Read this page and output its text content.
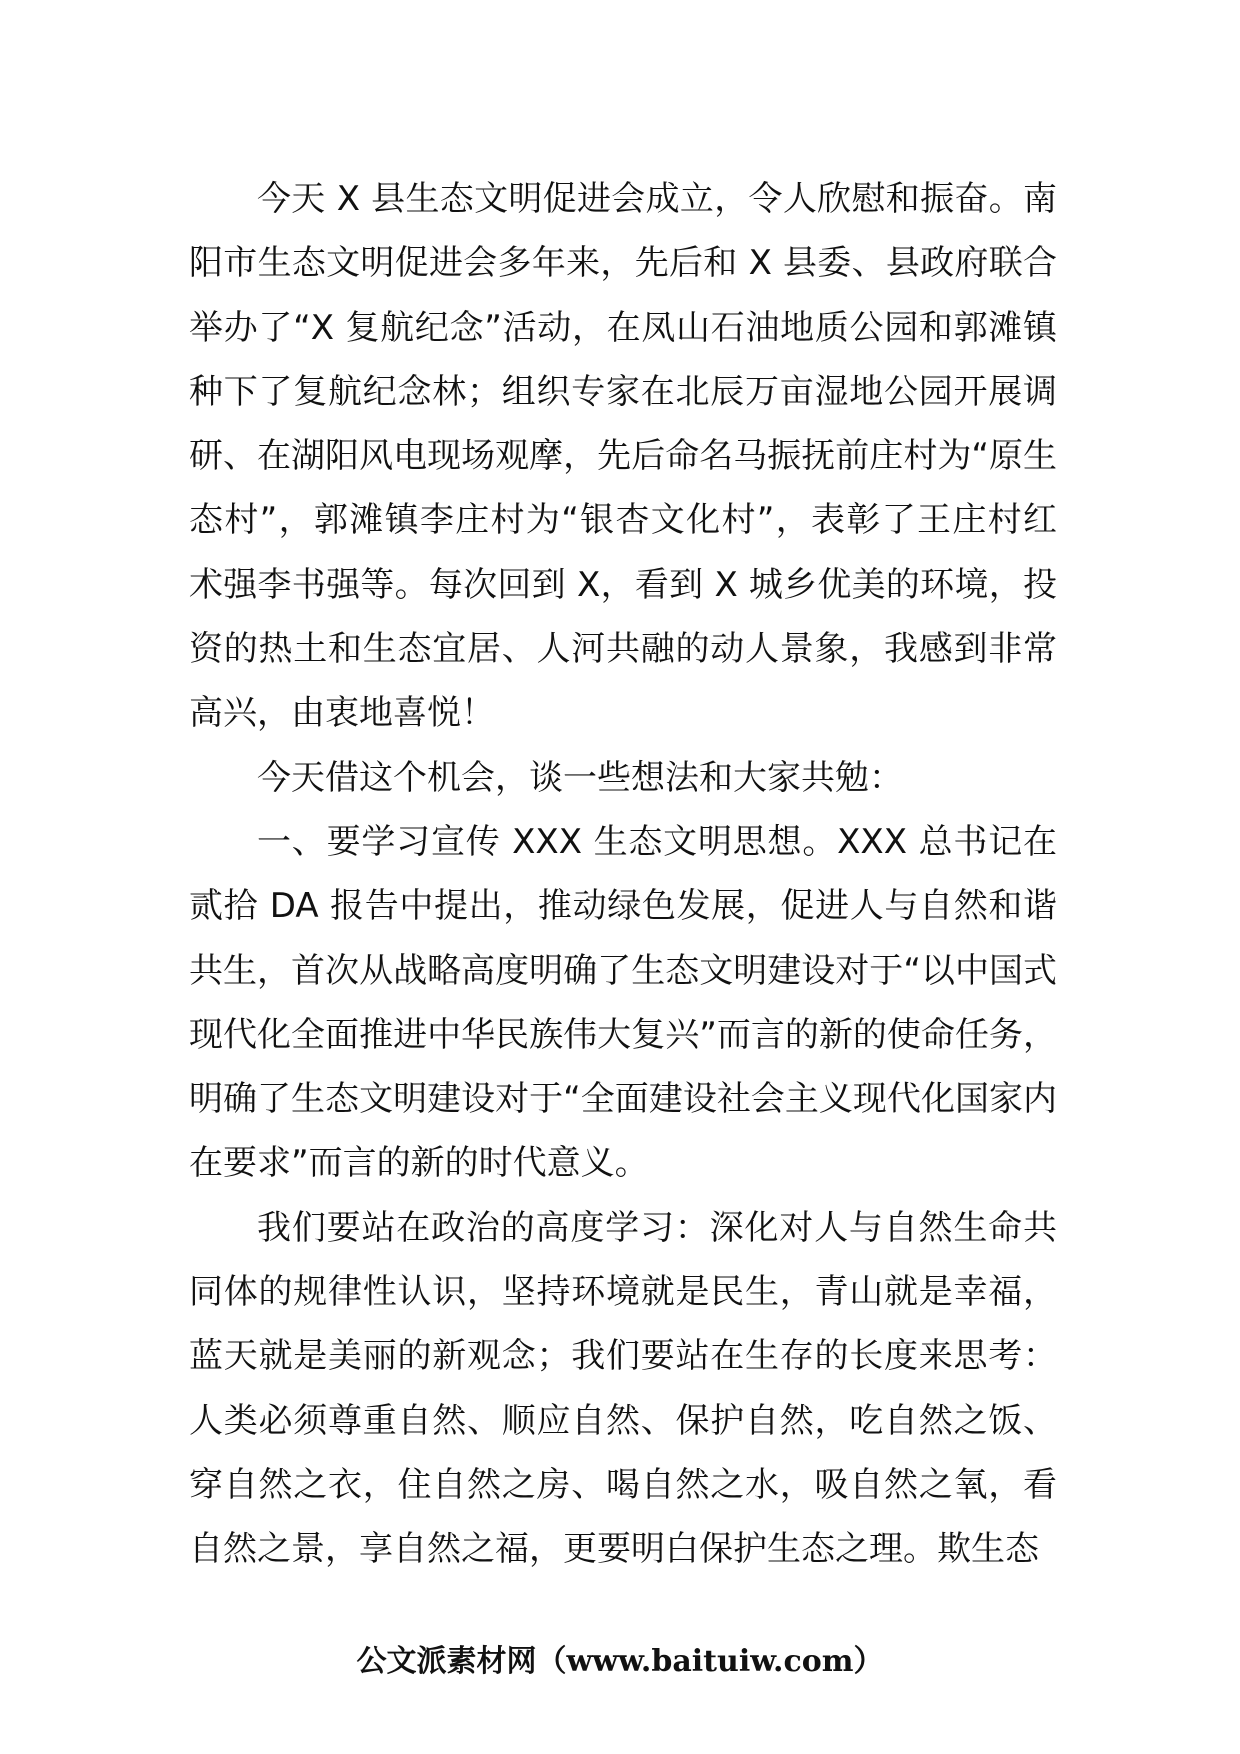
今天 X 县生态文明促进会成立，令人欣慰和振奋。南阳市生态文明促进会多年来，先后和 X 县委、县政府联合举办了“X 复航纪念”活动，在凤山石油地质公园和郭滩镇种下了复航纪念林；组织专家在北辰万亩湿地公园开展调研、在湖阳风电现场观摩，先后命名马振抚前庄村为“原生态村”，郭滩镇李庄村为“银杏文化村”，表彰了王庄村红术强李书强等。每次回到 X，看到 X 城乡优美的环境，投资的热土和生态宜居、人河共融的动人景象，我感到非常高兴，由衷地喜悦！

今天借这个机会，谈一些想法和大家共勉：

一、要学习宣传 XXX 生态文明思想。XXX 总书记在贰拾 DA 报告中提出，推动绿色发展，促进人与自然和谐共生，首次从战略高度明确了生态文明建设对于“以中国式现代化全面推进中华民族伟大复兴”而言的新的使命任务，明确了生态文明建设对于“全面建设社会主义现代化国家内在要求”而言的新的时代意义。

我们要站在政治的高度学习：深化对人与自然生命共同体的规律性认识，坚持环境就是民生，青山就是幸福，蓝天就是美丽的新观念；我们要站在生存的长度来思考：人类必须尊重自然、顺应自然、保护自然，吃自然之饭、穿自然之衣，住自然之房、喝自然之水，吸自然之氧，看自然之景，享自然之福，更要明白保护生态之理。欺生态

公文派素材网（www.baituiw.com）
